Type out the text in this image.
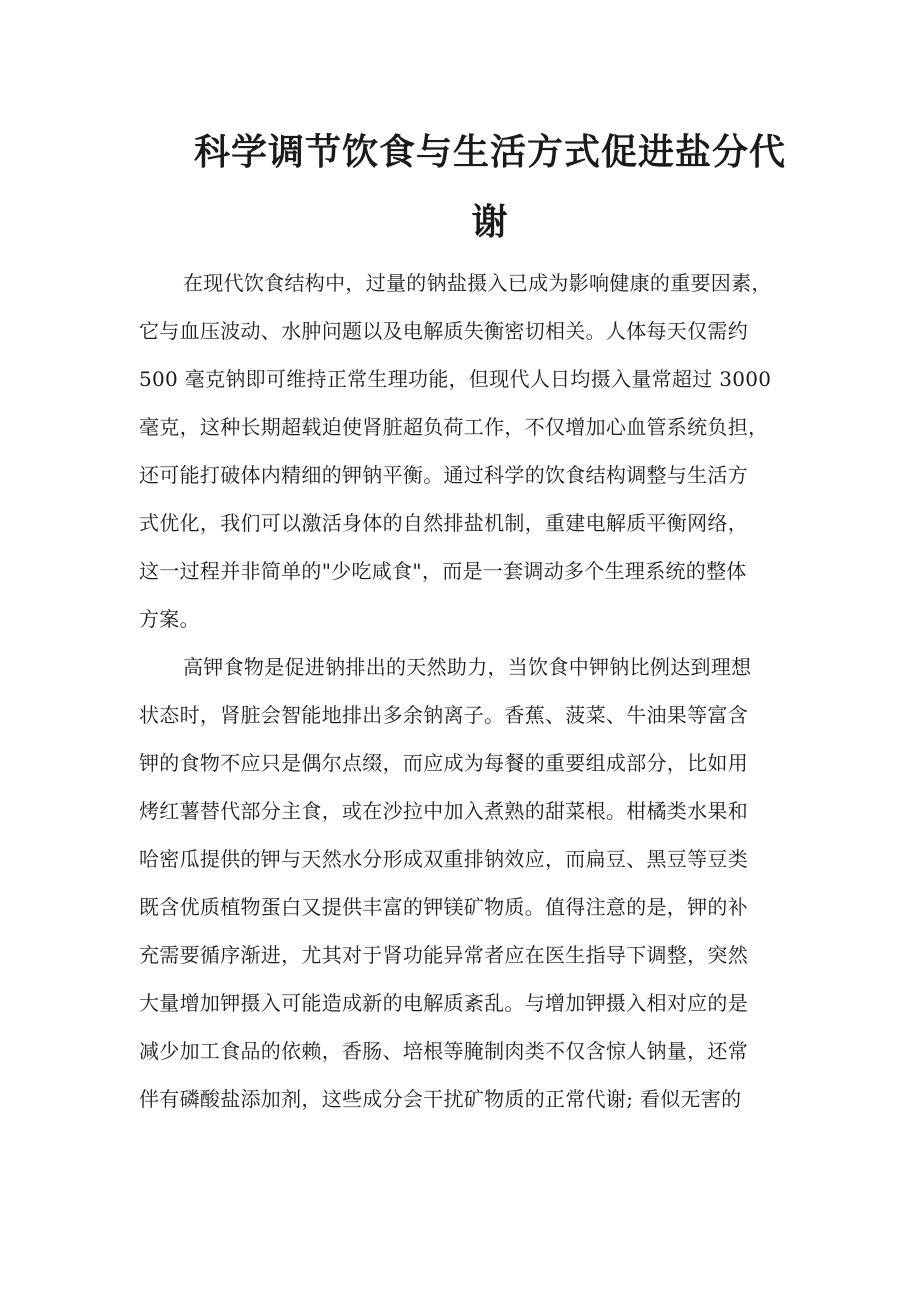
科学调节饮食与生活方式促进盐分代
谢
在现代饮食结构中，过量的钠盐摄入已成为影响健康的重要因素，
它与血压波动、水肿问题以及电解质失衡密切相关。人体每天仅需约
500 毫克钠即可维持正常生理功能，但现代人日均摄入量常超过 3000
毫克，这种长期超载迫使肾脏超负荷工作，不仅增加心血管系统负担，
还可能打破体内精细的钾钠平衡。通过科学的饮食结构调整与生活方
式优化，我们可以激活身体的自然排盐机制，重建电解质平衡网络，
这一过程并非简单的"少吃咸食"，而是一套调动多个生理系统的整体
方案。
高钾食物是促进钠排出的天然助力，当饮食中钾钠比例达到理想
状态时，肾脏会智能地排出多余钠离子。香蕉、菠菜、牛油果等富含
钾的食物不应只是偶尔点缀，而应成为每餐的重要组成部分，比如用
烤红薯替代部分主食，或在沙拉中加入煮熟的甜菜根。柑橘类水果和
哈密瓜提供的钾与天然水分形成双重排钠效应，而扁豆、黑豆等豆类
既含优质植物蛋白又提供丰富的钾镁矿物质。值得注意的是，钾的补
充需要循序渐进，尤其对于肾功能异常者应在医生指导下调整，突然
大量增加钾摄入可能造成新的电解质紊乱。与增加钾摄入相对应的是
减少加工食品的依赖，香肠、培根等腌制肉类不仅含惊人钠量，还常
伴有磷酸盐添加剂，这些成分会干扰矿物质的正常代谢; 看似无害的
